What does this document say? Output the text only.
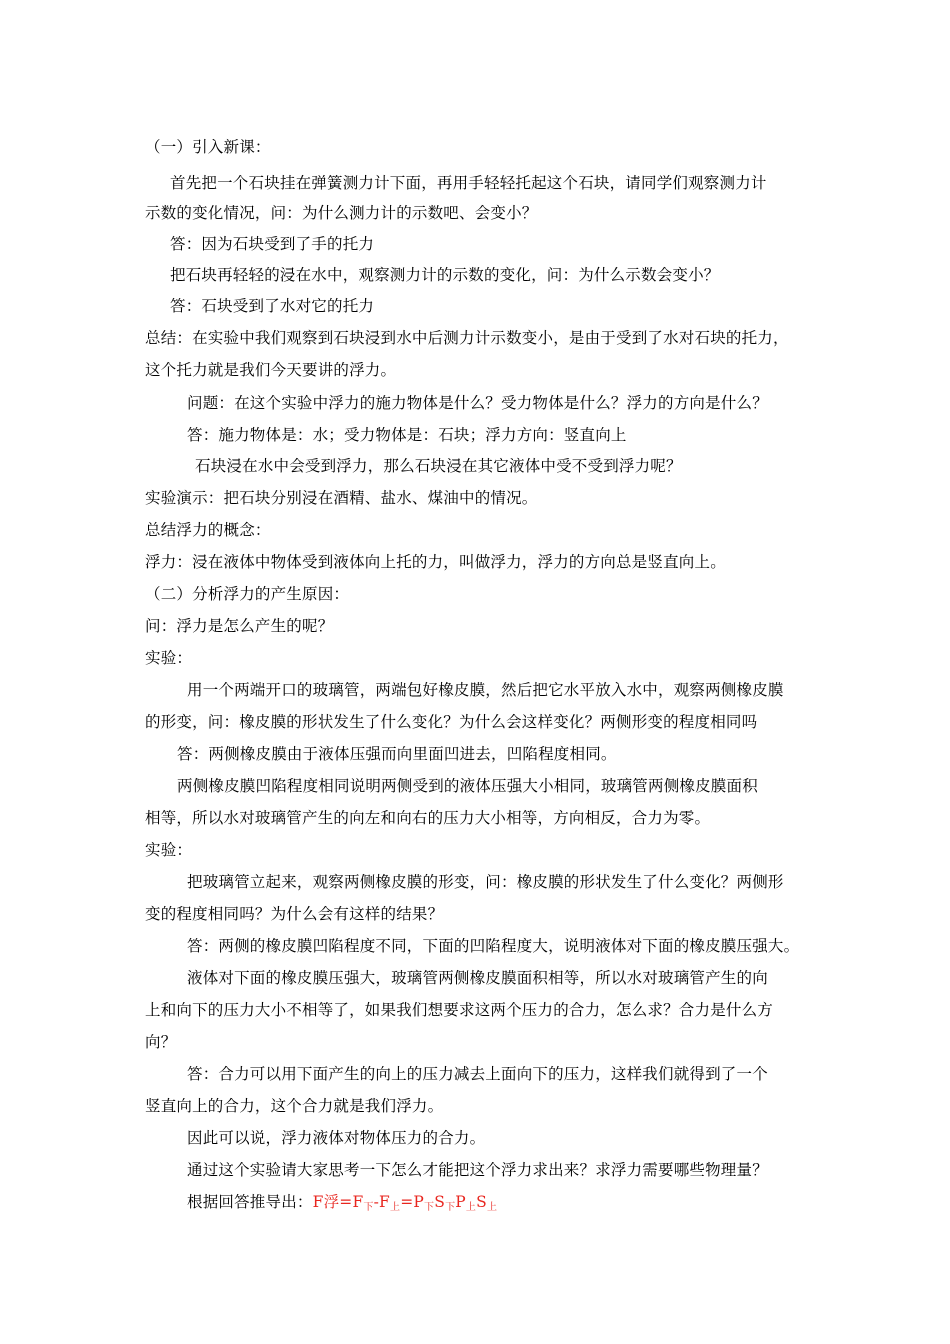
（一）引入新课：

首先把一个石块挂在弹簧测力计下面，再用手轻轻托起这个石块，请同学们观察测力计

示数的变化情况，问：为什么测力计的示数吧、会变小？

答：因为石块受到了手的托力

把石块再轻轻的浸在水中，观察测力计的示数的变化，问：为什么示数会变小？

答：石块受到了水对它的托力

总结：在实验中我们观察到石块浸到水中后测力计示数变小，是由于受到了水对石块的托力，

这个托力就是我们今天要讲的浮力。

问题：在这个实验中浮力的施力物体是什么？受力物体是什么？浮力的方向是什么？

答：施力物体是：水；受力物体是：石块；浮力方向：竖直向上

石块浸在水中会受到浮力，那么石块浸在其它液体中受不受到浮力呢？

实验演示：把石块分别浸在酒精、盐水、煤油中的情况。

总结浮力的概念：

浮力：浸在液体中物体受到液体向上托的力，叫做浮力，浮力的方向总是竖直向上。

（二）分析浮力的产生原因：

问：浮力是怎么产生的呢？

实验：

用一个两端开口的玻璃管，两端包好橡皮膜，然后把它水平放入水中，观察两侧橡皮膜

的形变，问：橡皮膜的形状发生了什么变化？为什么会这样变化？两侧形变的程度相同吗

答：两侧橡皮膜由于液体压强而向里面凹进去，凹陷程度相同。

两侧橡皮膜凹陷程度相同说明两侧受到的液体压强大小相同，玻璃管两侧橡皮膜面积

相等，所以水对玻璃管产生的向左和向右的压力大小相等，方向相反，合力为零。

实验：

把玻璃管立起来，观察两侧橡皮膜的形变，问：橡皮膜的形状发生了什么变化？两侧形

变的程度相同吗？为什么会有这样的结果？

答：两侧的橡皮膜凹陷程度不同，下面的凹陷程度大，说明液体对下面的橡皮膜压强大。

液体对下面的橡皮膜压强大，玻璃管两侧橡皮膜面积相等，所以水对玻璃管产生的向

上和向下的压力大小不相等了，如果我们想要求这两个压力的合力，怎么求？合力是什么方

向？

答：合力可以用下面产生的向上的压力减去上面向下的压力，这样我们就得到了一个

竖直向上的合力，这个合力就是我们浮力。

因此可以说，浮力液体对物体压力的合力。

通过这个实验请大家思考一下怎么才能把这个浮力求出来？求浮力需要哪些物理量？

根据回答推导出：F浮=F下-F上=P下S下P上S上
